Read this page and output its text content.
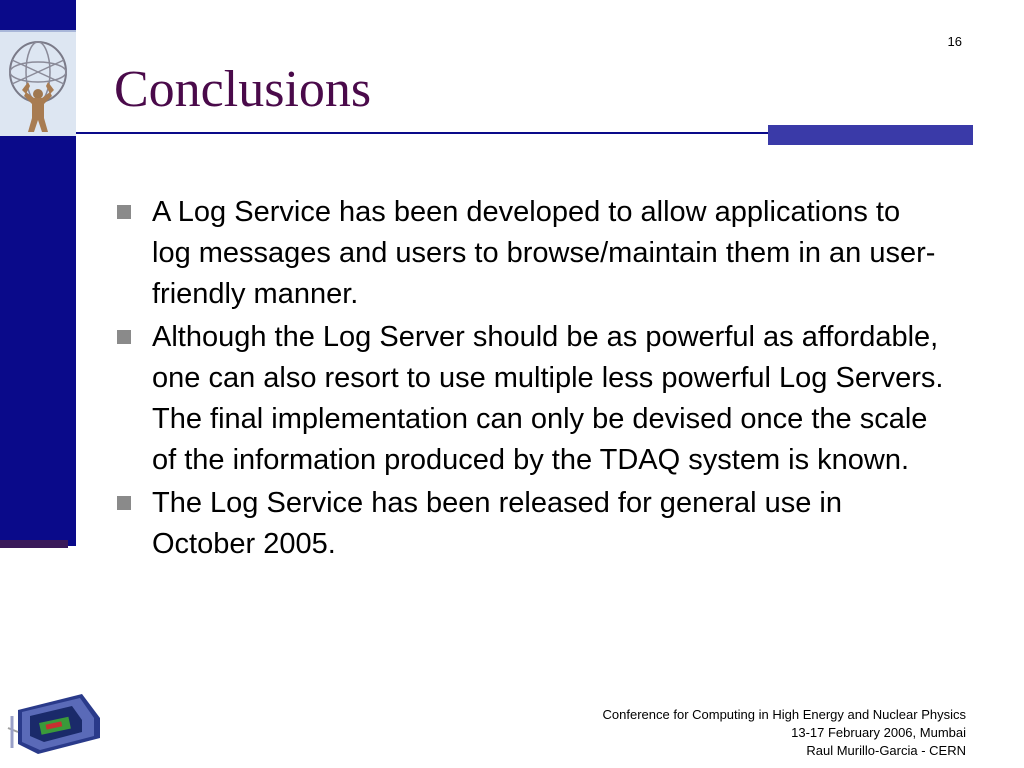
16
Conclusions
A Log Service has been developed to allow applications to log messages and users to browse/maintain them in an user-friendly manner.
Although the Log Server should be as powerful as affordable, one can also resort to use multiple less powerful Log Servers. The final implementation can only be devised once the scale of the information produced by the TDAQ system is known.
The Log Service has been released for general use in October 2005.
Conference for Computing in High Energy and Nuclear Physics
13-17 February 2006, Mumbai
Raul Murillo-Garcia - CERN
